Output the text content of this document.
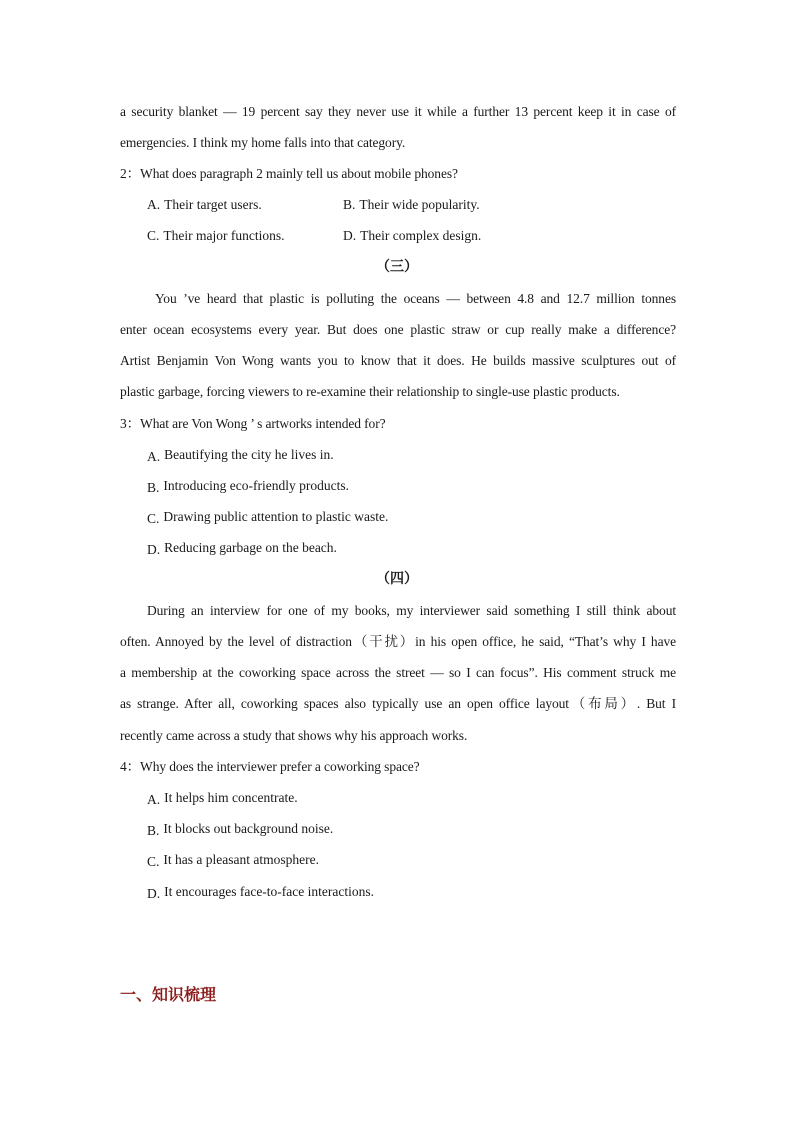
a security blanket — 19 percent say they never use it while a further 13 percent keep it in case of
emergencies. I think my home falls into that category.
2：What does paragraph 2 mainly tell us about mobile phones?
A. Their target users.	B. Their wide popularity.
C. Their major functions.	D. Their complex design.
（三）
You ’ve heard that plastic is polluting the oceans — between 4.8 and 12.7 million tonnes
enter ocean ecosystems every year. But does one plastic straw or cup really make a difference?
Artist Benjamin Von Wong wants you to know that it does. He builds massive sculptures out of
plastic garbage, forcing viewers to re-examine their relationship to single-use plastic products.
3：What are Von Wong ’ s artworks intended for?
A. Beautifying the city he lives in.
B. Introducing eco-friendly products.
C. Drawing public attention to plastic waste.
D. Reducing garbage on the beach.
（四）
During an interview for one of my books, my interviewer said something I still think about
often. Annoyed by the level of distraction（干扰）in his open office, he said, “That’s why I have
a membership at the coworking space across the street — so I can focus”. His comment struck me
as strange. After all, coworking spaces also typically use an open office layout（布局）. But I
recently came across a study that shows why his approach works.
4：Why does the interviewer prefer a coworking space?
A. It helps him concentrate.
B. It blocks out background noise.
C. It has a pleasant atmosphere.
D. It encourages face-to-face interactions.
一、知识梳理
